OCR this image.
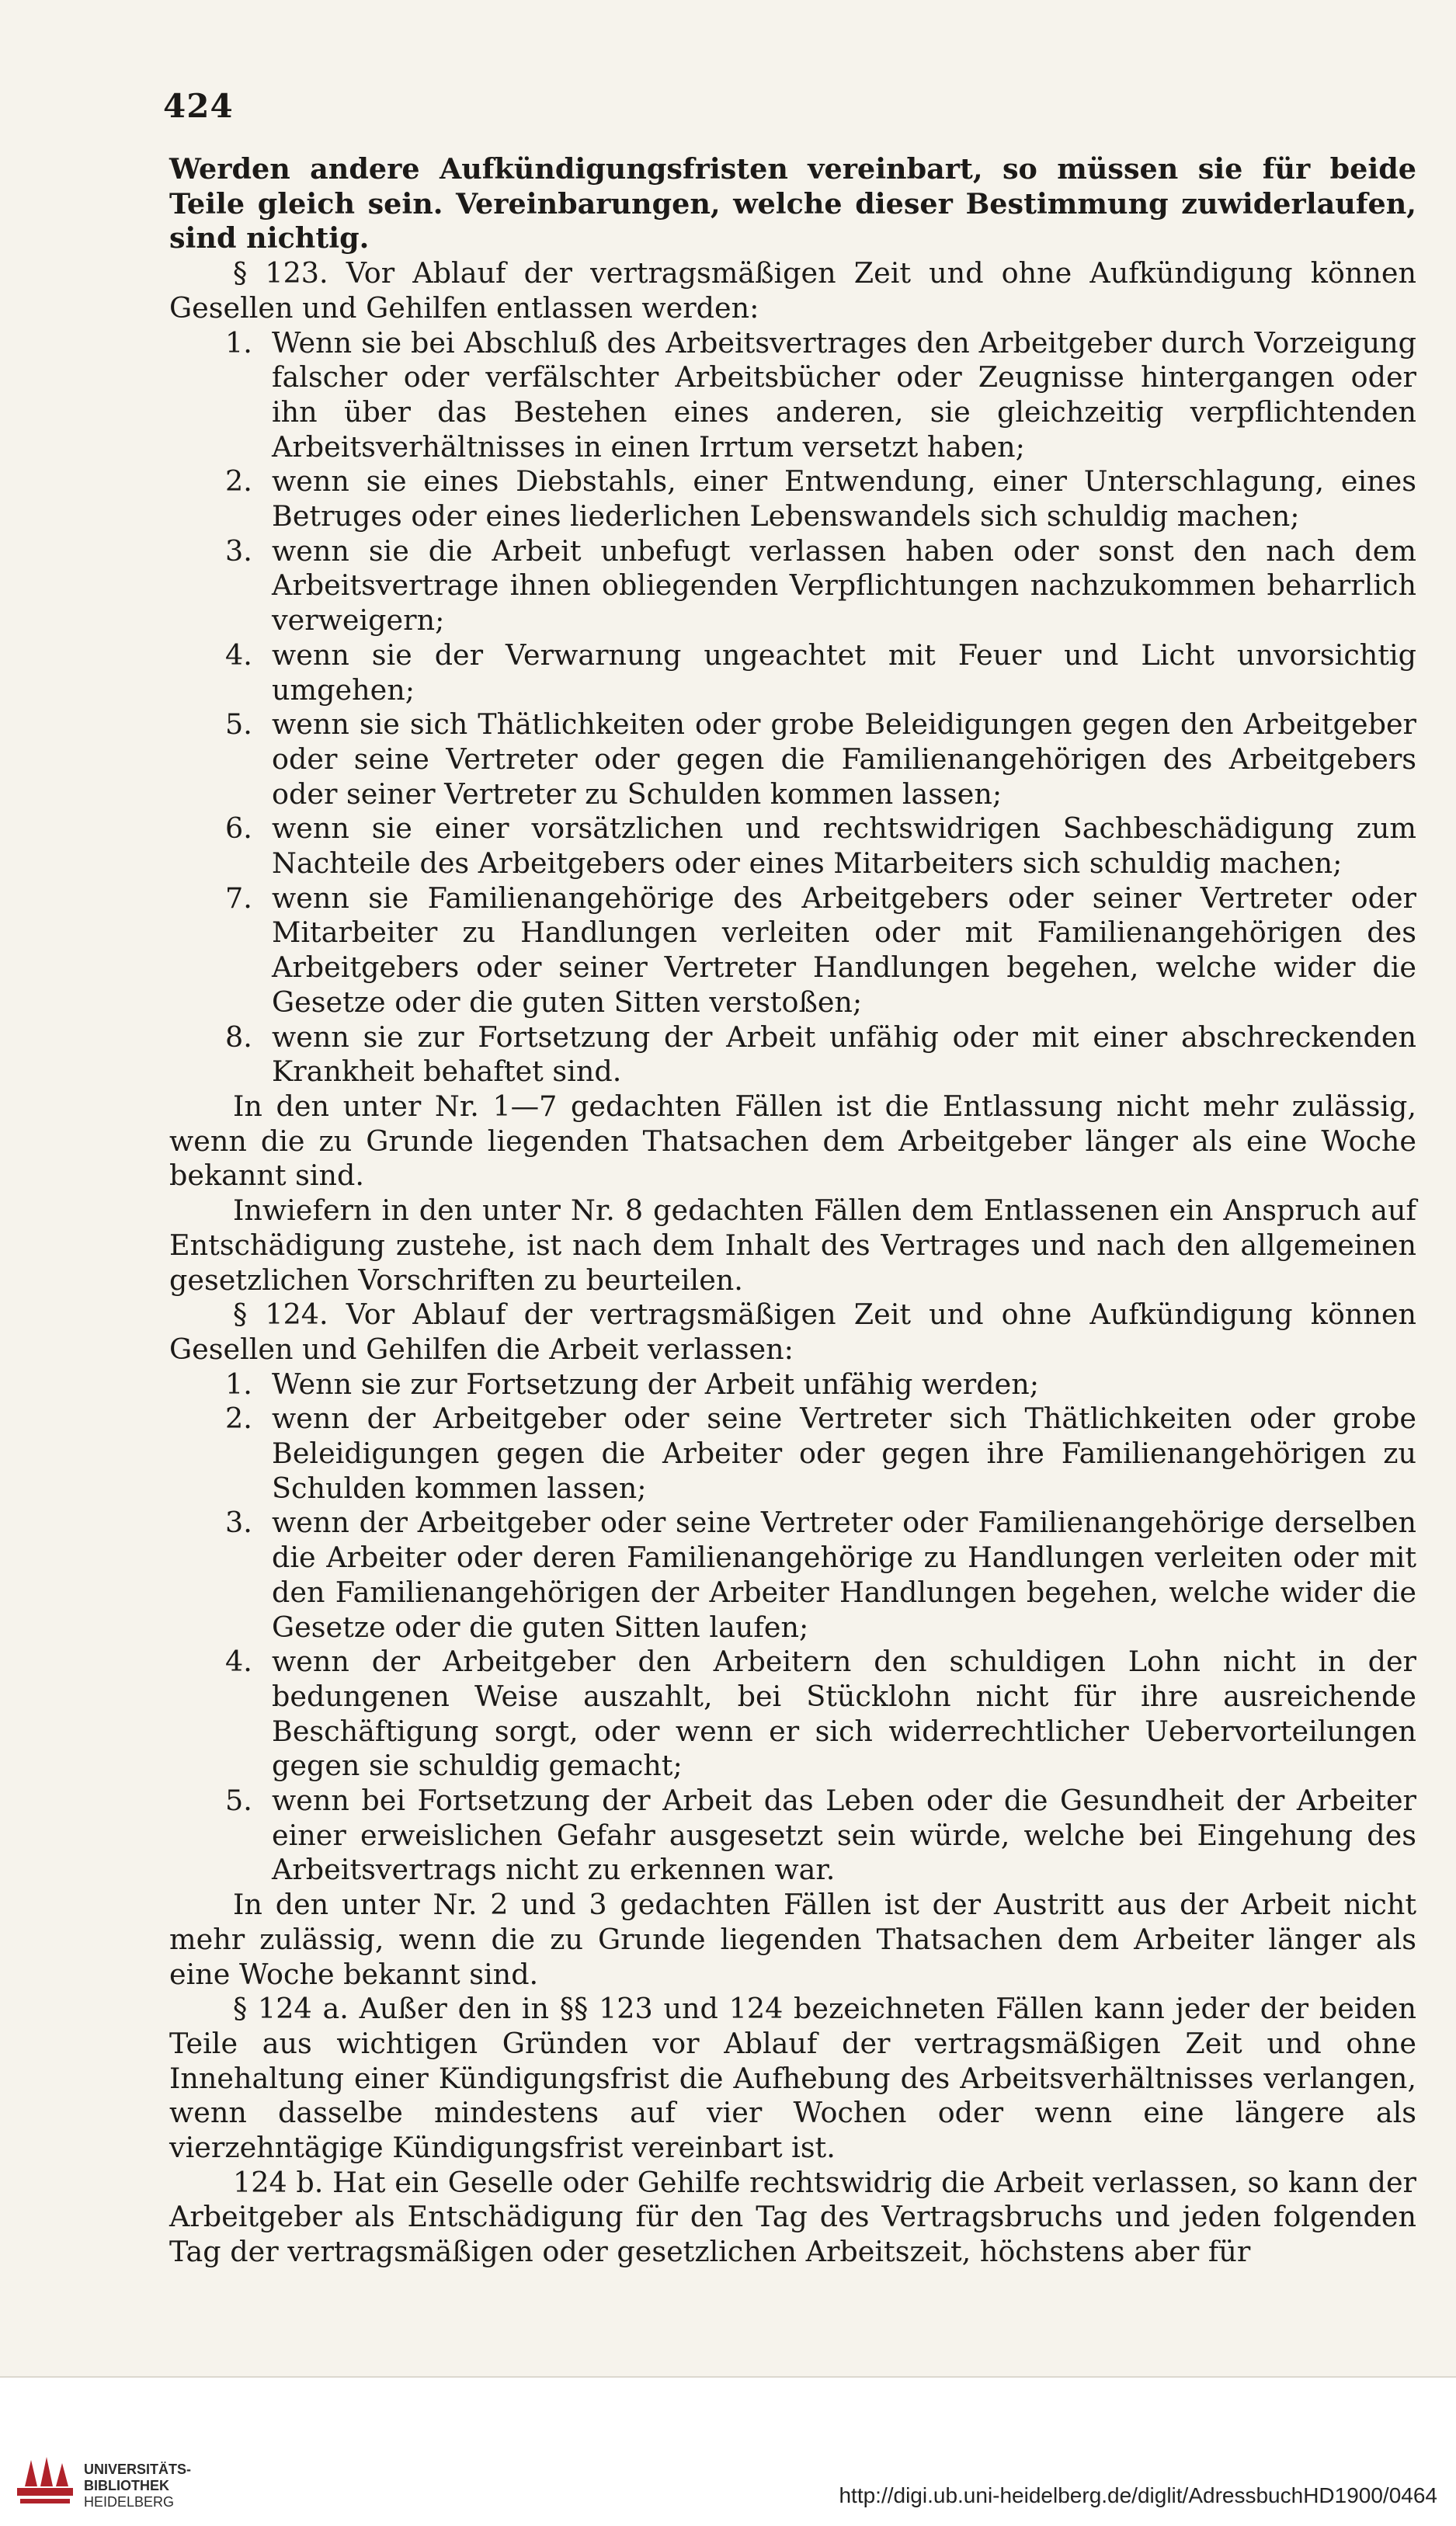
424

Werden andere Aufkündigungsfristen vereinbart, so müssen sie für beide Teile gleich sein. Vereinbarungen, welche dieser Bestimmung zuwiderlaufen, sind nichtig.

§ 123. Vor Ablauf der vertragsmäßigen Zeit und ohne Aufkündigung können Gesellen und Gehilfen entlassen werden:

1. Wenn sie bei Abschluß des Arbeitsvertrages den Arbeitgeber durch Vorzeigung falscher oder verfälschter Arbeitsbücher oder Zeugnisse hintergangen oder ihn über das Bestehen eines anderen, sie gleichzeitig verpflichtenden Arbeitsverhältnisses in einen Irrtum versetzt haben;
2. wenn sie eines Diebstahls, einer Entwendung, einer Unterschlagung, eines Betruges oder eines liederlichen Lebenswandels sich schuldig machen;
3. wenn sie die Arbeit unbefugt verlassen haben oder sonst den nach dem Arbeitsvertrage ihnen obliegenden Verpflichtungen nachzukommen beharrlich verweigern;
4. wenn sie der Verwarnung ungeachtet mit Feuer und Licht unvorsichtig umgehen;
5. wenn sie sich Thätlichkeiten oder grobe Beleidigungen gegen den Arbeitgeber oder seine Vertreter oder gegen die Familienangehörigen des Arbeitgebers oder seiner Vertreter zu Schulden kommen lassen;
6. wenn sie einer vorsätzlichen und rechtswidrigen Sachbeschädigung zum Nachteile des Arbeitgebers oder eines Mitarbeiters sich schuldig machen;
7. wenn sie Familienangehörige des Arbeitgebers oder seiner Vertreter oder Mitarbeiter zu Handlungen verleiten oder mit Familienangehörigen des Arbeitgebers oder seiner Vertreter Handlungen begehen, welche wider die Gesetze oder die guten Sitten verstoßen;
8. wenn sie zur Fortsetzung der Arbeit unfähig oder mit einer abschreckenden Krankheit behaftet sind.

In den unter Nr. 1—7 gedachten Fällen ist die Entlassung nicht mehr zulässig, wenn die zu Grunde liegenden Thatsachen dem Arbeitgeber länger als eine Woche bekannt sind.

Inwiefern in den unter Nr. 8 gedachten Fällen dem Entlassenen ein Anspruch auf Entschädigung zustehe, ist nach dem Inhalt des Vertrages und nach den allgemeinen gesetzlichen Vorschriften zu beurteilen.

§ 124. Vor Ablauf der vertragsmäßigen Zeit und ohne Aufkündigung können Gesellen und Gehilfen die Arbeit verlassen:

1. Wenn sie zur Fortsetzung der Arbeit unfähig werden;
2. wenn der Arbeitgeber oder seine Vertreter sich Thätlichkeiten oder grobe Beleidigungen gegen die Arbeiter oder gegen ihre Familienangehörigen zu Schulden kommen lassen;
3. wenn der Arbeitgeber oder seine Vertreter oder Familienangehörige derselben die Arbeiter oder deren Familienangehörige zu Handlungen verleiten oder mit den Familienangehörigen der Arbeiter Handlungen begehen, welche wider die Gesetze oder die guten Sitten laufen;
4. wenn der Arbeitgeber den Arbeitern den schuldigen Lohn nicht in der bedungenen Weise auszahlt, bei Stücklohn nicht für ihre ausreichende Beschäftigung sorgt, oder wenn er sich widerrechtlicher Uebervorteilungen gegen sie schuldig gemacht;
5. wenn bei Fortsetzung der Arbeit das Leben oder die Gesundheit der Arbeiter einer erweislichen Gefahr ausgesetzt sein würde, welche bei Eingehung des Arbeitsvertrags nicht zu erkennen war.

In den unter Nr. 2 und 3 gedachten Fällen ist der Austritt aus der Arbeit nicht mehr zulässig, wenn die zu Grunde liegenden Thatsachen dem Arbeiter länger als eine Woche bekannt sind.

§ 124 a. Außer den in §§ 123 und 124 bezeichneten Fällen kann jeder der beiden Teile aus wichtigen Gründen vor Ablauf der vertragsmäßigen Zeit und ohne Innehaltung einer Kündigungsfrist die Aufhebung des Arbeitsverhältnisses verlangen, wenn dasselbe mindestens auf vier Wochen oder wenn eine längere als vierzehntägige Kündigungsfrist vereinbart ist.

124 b. Hat ein Geselle oder Gehilfe rechtswidrig die Arbeit verlassen, so kann der Arbeitgeber als Entschädigung für den Tag des Vertragsbruchs und jeden folgenden Tag der vertragsmäßigen oder gesetzlichen Arbeitszeit, höchstens aber für

UNIVERSITÄTS-
BIBLIOTHEK
HEIDELBERG	http://digi.ub.uni-heidelberg.de/diglit/AdressbuchHD1900/0464
